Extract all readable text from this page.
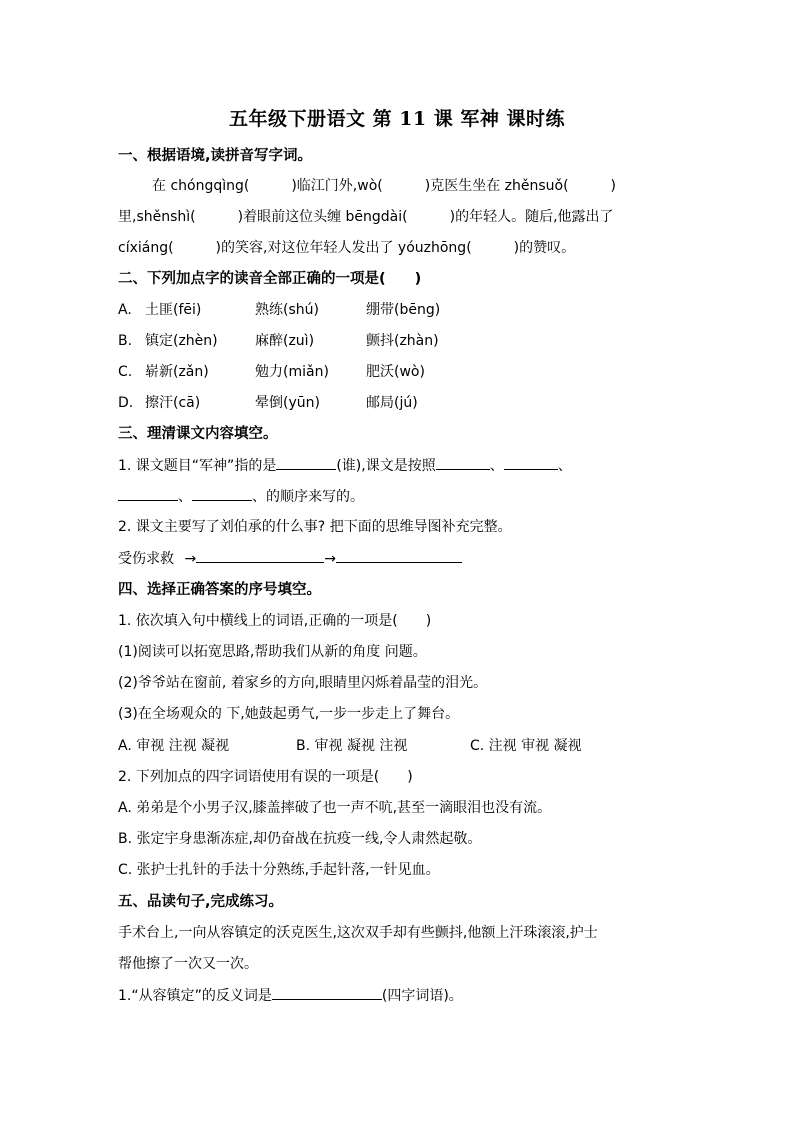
五年级下册语文 第 11 课 军神 课时练
一、根据语境,读拼音写字词。
在 chóngqìng(　　　)临江门外,wò(　　　)克医生坐在 zhěnsuǒ(　　　)
里,shěnshì(　　　)着眼前这位头缠 bēngdài(　　　)的年轻人。随后,他露出了
cíxiáng(　　　)的笑容,对这位年轻人发出了 yóuzhōng(　　　)的赞叹。
二、下列加点字的读音全部正确的一项是(　　)
A. 土匪(fēi)	熟练(shú)	绷带(bēng)
B. 镇定(zhèn)	麻醉(zuì)	颤抖(zhàn)
C. 崭新(zǎn)	勉力(miǎn)	肥沃(wò)
D. 擦汗(cā)	晕倒(yūn)	邮局(jú)
三、理清课文内容填空。
1. 课文题目“军神”指的是	(谁),课文是按照	、	、
、	、的顺序来写的。
2. 课文主要写了刘伯承的什么事? 把下面的思维导图补充完整。
受伤求救 →	→
四、选择正确答案的序号填空。
1. 依次填入句中横线上的词语,正确的一项是(　　)
(1)阅读可以拓宽思路,帮助我们从新的角度 问题。
(2)爷爷站在窗前, 着家乡的方向,眼睛里闪烁着晶莹的泪光。
(3)在全场观众的 下,她鼓起勇气,一步一步走上了舞台。
A. 审视 注视 凝视	B. 审视 凝视 注视	C. 注视 审视 凝视
2. 下列加点的四字词语使用有误的一项是(　　)
A. 弟弟是个小男子汉,膝盖摔破了也一声不吭,甚至一滴眼泪也没有流。
B. 张定宇身患渐冻症,却仍奋战在抗疫一线,令人肃然起敬。
C. 张护士扎针的手法十分熟练,手起针落,一针见血。
五、品读句子,完成练习。
手术台上,一向从容镇定的沃克医生,这次双手却有些颤抖,他额上汗珠滚滚,护士
帮他擦了一次又一次。
1.“从容镇定”的反义词是	(四字词语)。
